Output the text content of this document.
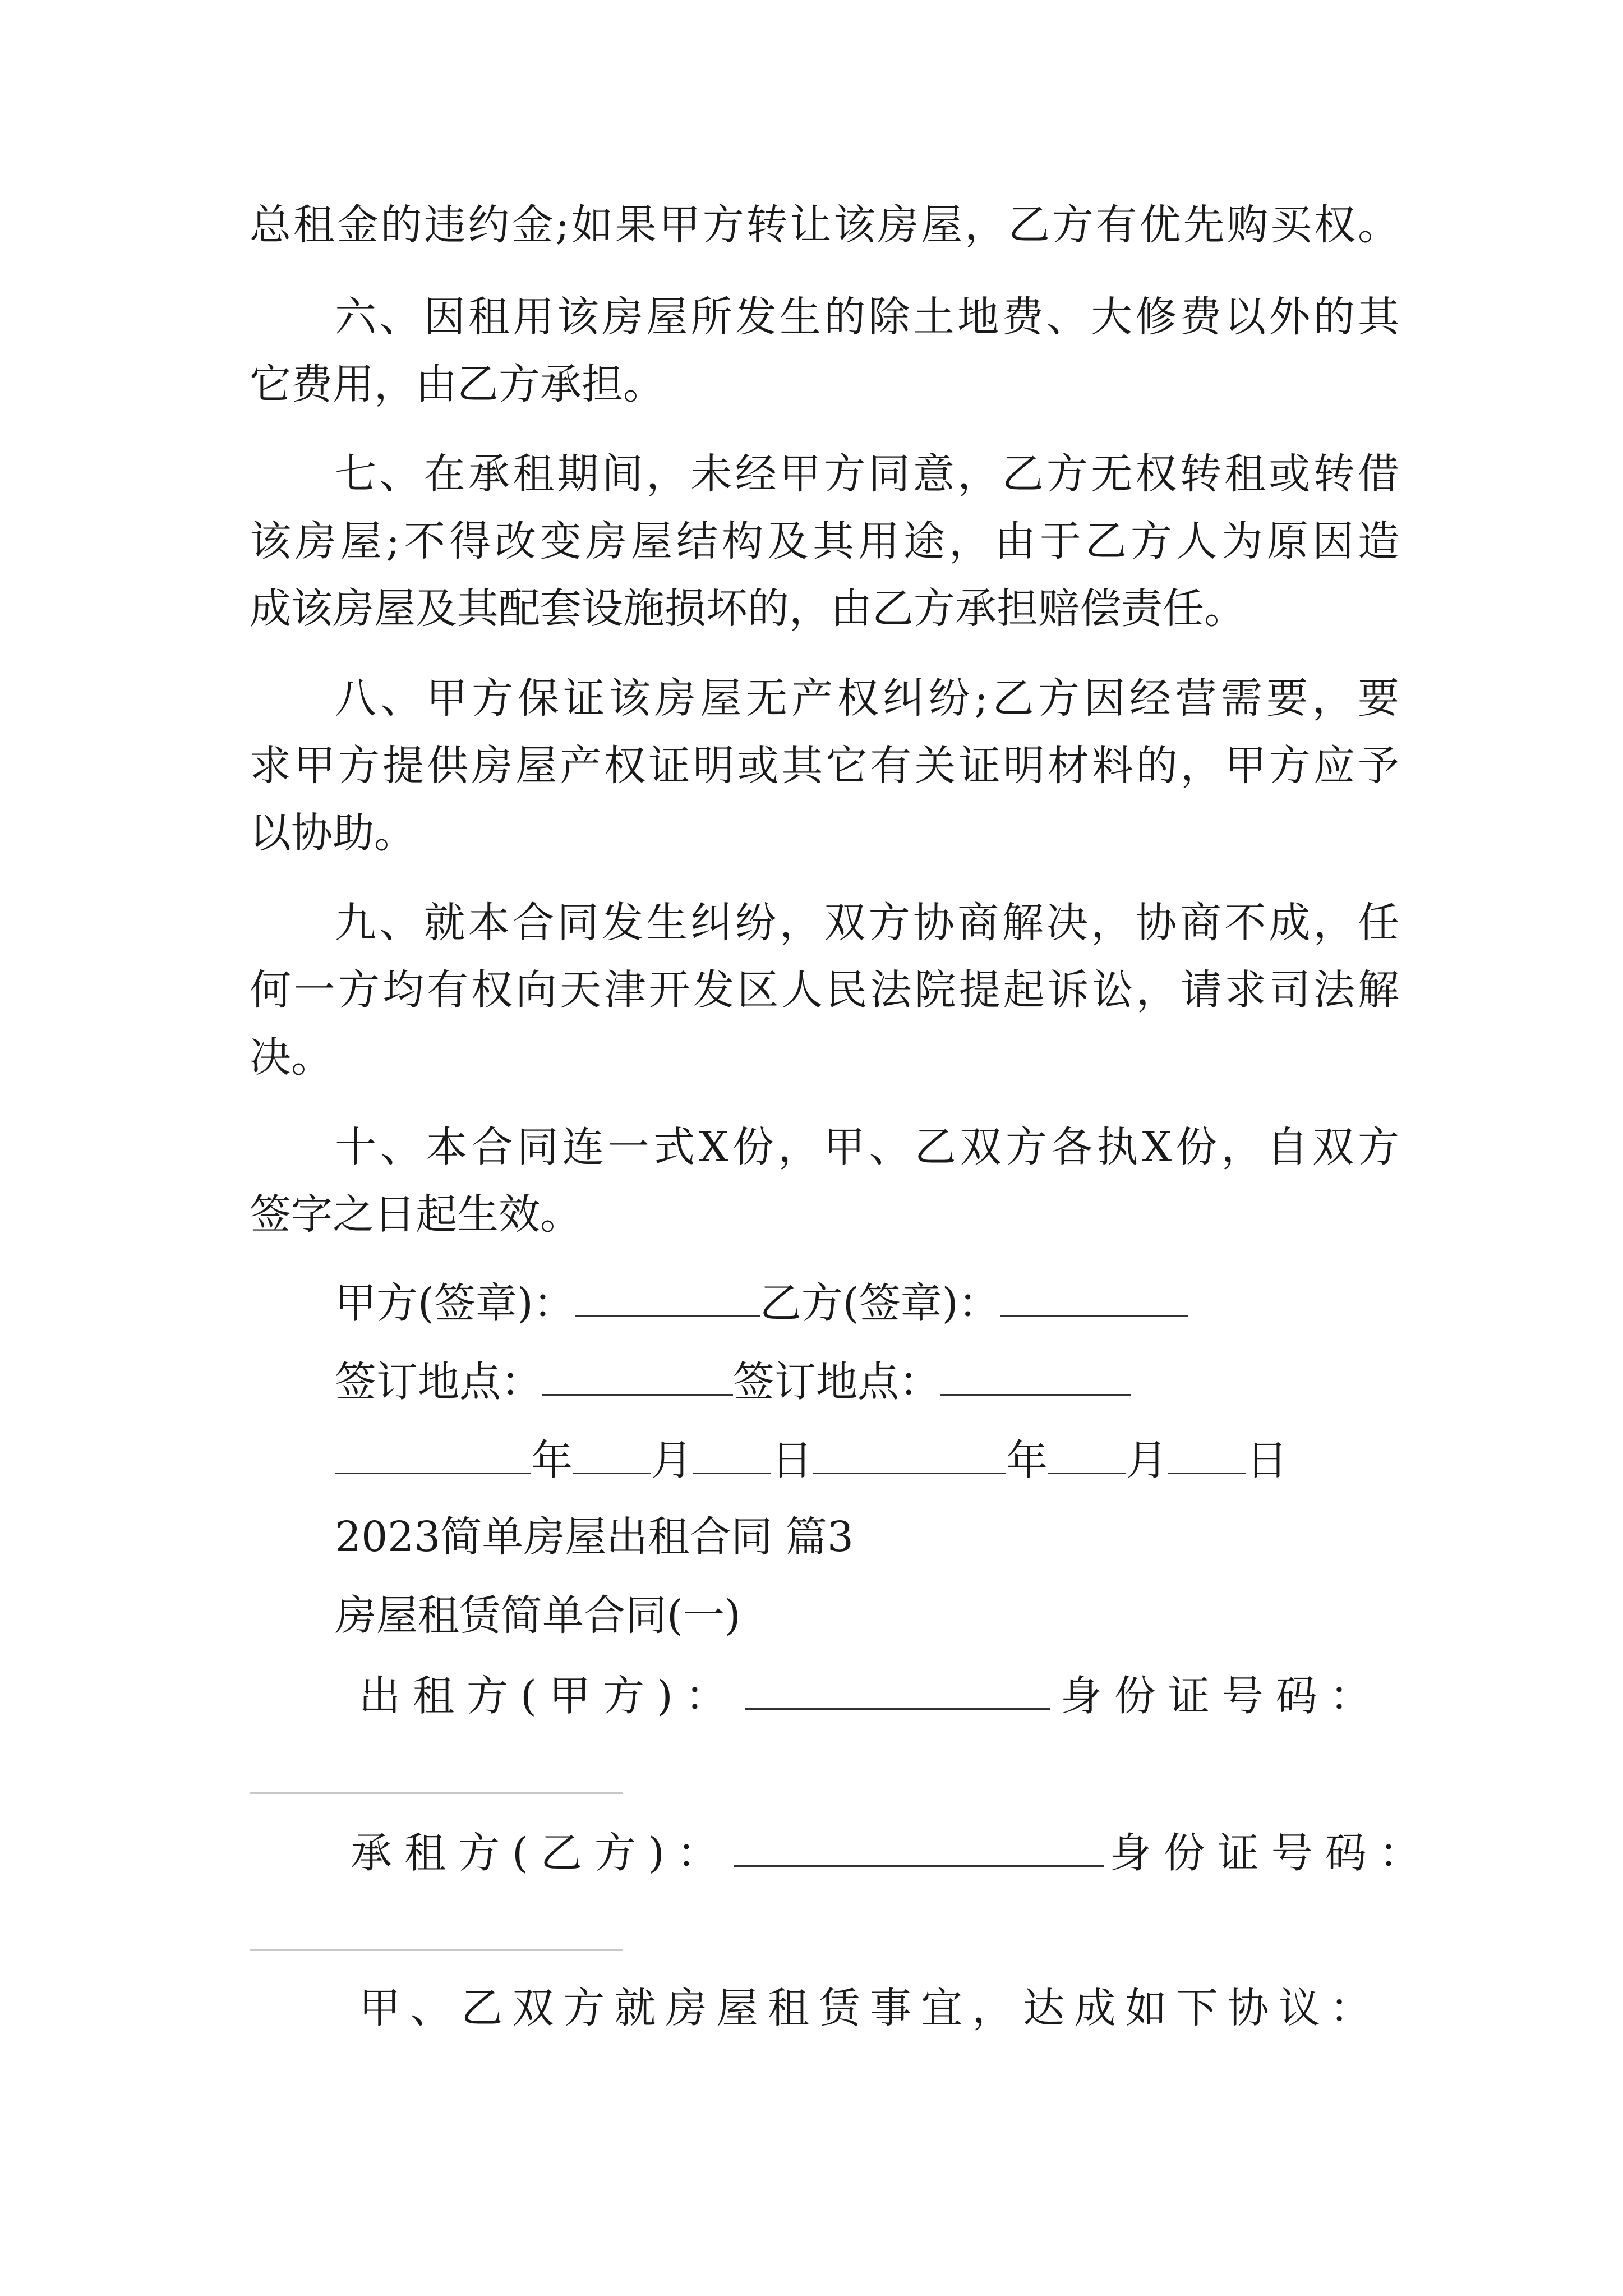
总租金的违约金;如果甲方转让该房屋，乙方有优先购买权。

六、因租用该房屋所发生的除土地费、大修费以外的其

它费用，由乙方承担。

七、在承租期间，未经甲方同意，乙方无权转租或转借

该房屋;不得改变房屋结构及其用途，由于乙方人为原因造

成该房屋及其配套设施损坏的，由乙方承担赔偿责任。

八、甲方保证该房屋无产权纠纷;乙方因经营需要，要

求甲方提供房屋产权证明或其它有关证明材料的，甲方应予

以协助。

九、就本合同发生纠纷，双方协商解决，协商不成，任

何一方均有权向天津开发区人民法院提起诉讼，请求司法解

决。

十、本合同连一式X份，甲、乙双方各执X份，自双方

签字之日起生效。

甲方(签章)：	乙方(签章)：

签订地点：	签订地点：

年 月 日	年 月 日

2023简单房屋出租合同 篇3

房屋租赁简单合同(一)

出租方(甲方)：	身份证号码：

承租方(乙方)：	身份证号码：

甲、乙双方就房屋租赁事宜，达成如下协议：
